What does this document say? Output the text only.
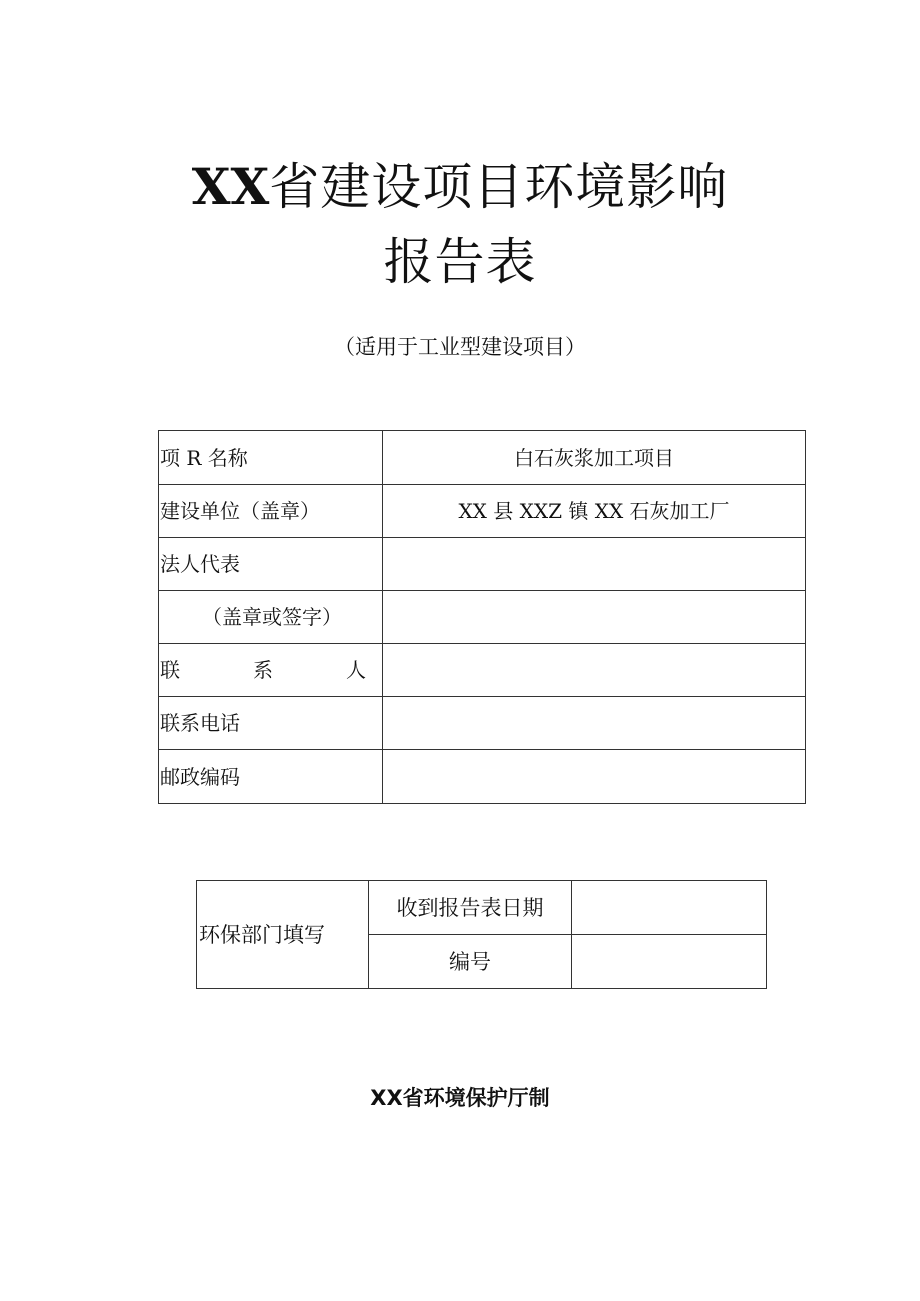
XX省建设项目环境影响
报告表
（适用于工业型建设项目）
项 R 名称	白石灰浆加工项目
建设单位（盖章）	XX 县 XXZ 镇 XX 石灰加工厂
法人代表	
（盖章或签字）	

联 系 人	

联系电话	
邮政编码	
环保部门填写	收到报告表日期	
	编号	
XX省环境保护厅制
